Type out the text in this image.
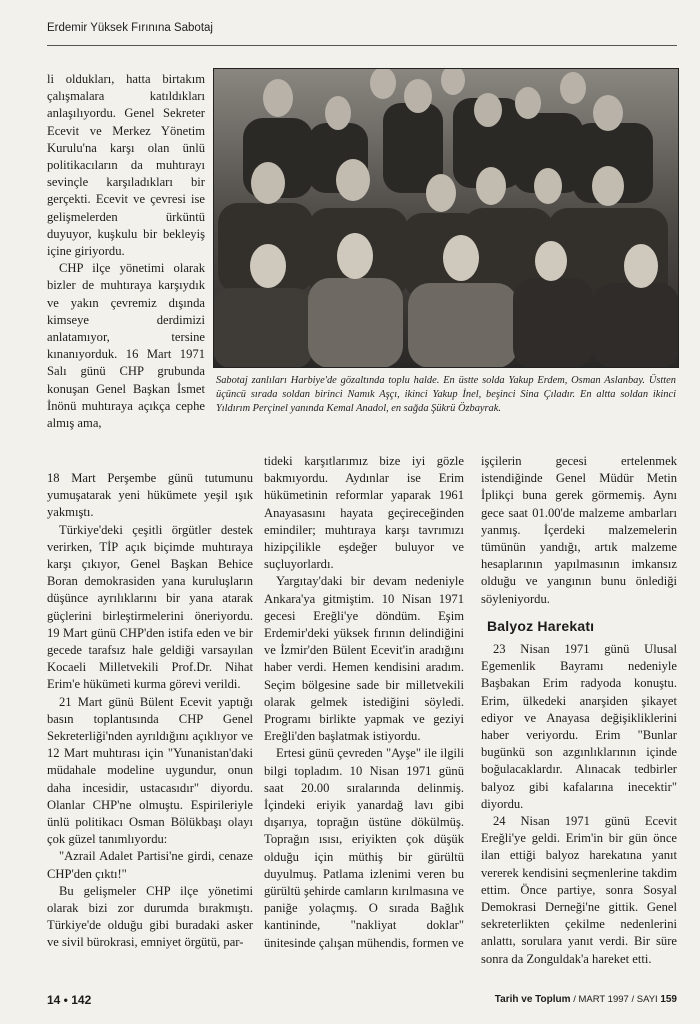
Erdemir Yüksek Fırınına Sabotaj

li oldukları, hatta birtakım çalışmalara katıldıkları anlaşılıyordu. Genel Sekreter Ecevit ve Merkez Yönetim Kurulu'na karşı olan ünlü politikacıların da muhtırayı sevinçle karşıladıkları bir gerçekti. Ecevit ve çevresi ise gelişmelerden ürküntü duyuyor, kuşkulu bir bekleyiş içine giriyordu.

CHP ilçe yönetimi olarak bizler de muhtıraya karşıydık ve yakın çevremiz dışında kimseye derdimizi anlatamıyor, tersine kınanıyorduk. 16 Mart 1971 Salı günü CHP grubunda konuşan Genel Başkan İsmet İnönü muhtıraya açıkça cephe almış ama,

Sabotaj zanlıları Harbiye'de gözaltında toplu halde. En üstte solda Yakup Erdem, Osman Aslanbay. Üstten üçüncü sırada soldan birinci Namık Aşçı, ikinci Yakup İnel, beşinci Sina Çıladır. En altta soldan ikinci Yıldırım Perçinel yanında Kemal Anadol, en sağda Şükrü Özbayrak.

18 Mart Perşembe günü tutumunu yumuşatarak yeni hükümete yeşil ışık yakmıştı.

Türkiye'deki çeşitli örgütler destek verirken, TİP açık biçimde muhtıraya karşı çıkıyor, Genel Başkan Behice Boran demokrasiden yana kuruluşların düşünce ayrılıklarını bir yana atarak güçlerini birleştirmelerini öneriyordu. 19 Mart günü CHP'den istifa eden ve bir gecede tarafsız hale geldiği varsayılan Kocaeli Milletvekili Prof.Dr. Nihat Erim'e hükümeti kurma görevi verildi.

21 Mart günü Bülent Ecevit yaptığı basın toplantısında CHP Genel Sekreterliği'nden ayrıldığını açıklıyor ve 12 Mart muhtırası için "Yunanistan'daki müdahale modeline uygundur, onun daha incesidir, ustacasıdır" diyordu. Olanlar CHP'ne olmuştu. Espirileriyle ünlü politikacı Osman Bölükbaşı olayı çok güzel tanımlıyordu:

"Azrail Adalet Partisi'ne girdi, cenaze CHP'den çıktı!"

Bu gelişmeler CHP ilçe yönetimi olarak bizi zor durumda bırakmıştı. Türkiye'de olduğu gibi buradaki asker ve sivil bürokrasi, emniyet örgütü, par-

tideki karşıtlarımız bize iyi gözle bakmıyordu. Aydınlar ise Erim hükümetinin reformlar yaparak 1961 Anayasasını hayata geçireceğinden emindiler; muhtıraya karşı tavrımızı hizipçilikle eşdeğer buluyor ve suçluyorlardı.

Yargıtay'daki bir devam nedeniyle Ankara'ya gitmiştim. 10 Nisan 1971 gecesi Ereğli'ye döndüm. Eşim Erdemir'deki yüksek fırının delindiğini ve İzmir'den Bülent Ecevit'in aradığını haber verdi. Hemen kendisini aradım. Seçim bölgesine sade bir milletvekili olarak gelmek istediğini söyledi. Programı birlikte yapmak ve geziyi Ereğli'den başlatmak istiyordu.

Ertesi günü çevreden "Ayşe" ile ilgili bilgi topladım. 10 Nisan 1971 günü saat 20.00 sıralarında delinmiş. İçindeki eriyik yanardağ lavı gibi dışarıya, toprağın üstüne dökülmüş. Toprağın ısısı, eriyikten çok düşük olduğu için müthiş bir gürültü duyulmuş. Patlama izlenimi veren bu gürültü şehirde camların kırılmasına ve paniğe yolaçmış. O sırada Bağlık kantininde, "nakliyat doklar" ünitesinde çalışan mühendis, formen ve

işçilerin gecesi ertelenmek istendiğinde Genel Müdür Metin İplikçi buna gerek görmemiş. Aynı gece saat 01.00'de malzeme ambarları yanmış. İçerdeki malzemelerin tümünün yandığı, artık malzeme hesaplarının yapılmasının imkansız olduğu ve yangının bunu önlediği söyleniyordu.

Balyoz Harekatı

23 Nisan 1971 günü Ulusal Egemenlik Bayramı nedeniyle Başbakan Erim radyoda konuştu. Erim, ülkedeki anarşiden şikayet ediyor ve Anayasa değişikliklerini haber veriyordu. Erim "Bunlar bugünkü son azgınlıklarının içinde boğulacaklardır. Alınacak tedbirler balyoz gibi kafalarına inecektir" diyordu.

24 Nisan 1971 günü Ecevit Ereğli'ye geldi. Erim'in bir gün önce ilan ettiği balyoz harekatına yanıt vererek kendisini seçmenlerine takdim ettim. Önce partiye, sonra Sosyal Demokrasi Derneği'ne gittik. Genel sekreterlikten çekilme nedenlerini anlattı, sorulara yanıt verdi. Bir süre sonra da Zonguldak'a hareket etti.

14 • 142	Tarih ve Toplum / MART 1997 / SAYI 159
